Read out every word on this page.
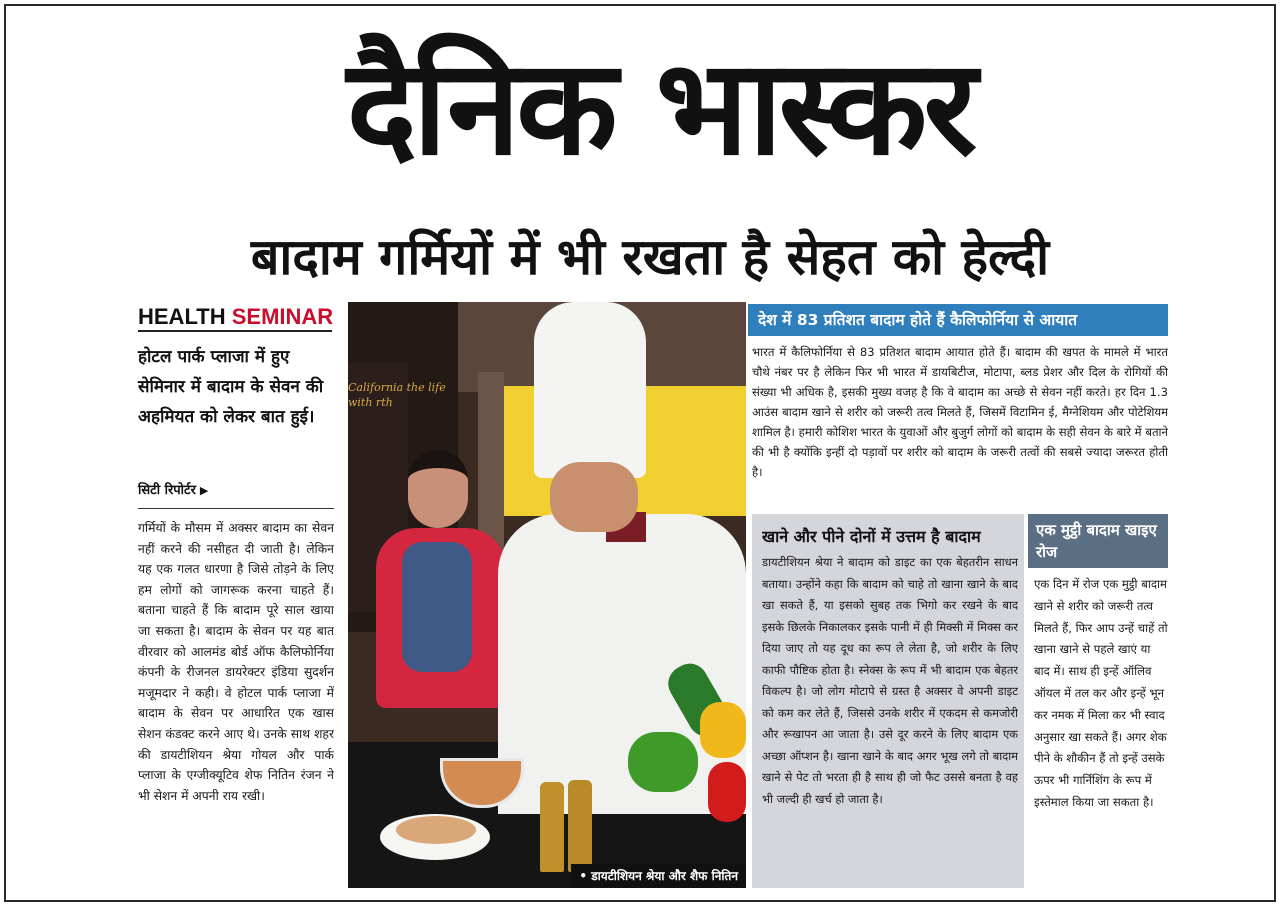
दैनिक भास्कर
बादाम गर्मियों में भी रखता है सेहत को हेल्दी
HEALTH SEMINAR
होटल पार्क प्लाजा में हुए सेमिनार में बादाम के सेवन की अहमियत को लेकर बात हुई।
सिटी रिपोर्टर ▶
गर्मियों के मौसम में अक्सर बादाम का सेवन नहीं करने की नसीहत दी जाती है। लेकिन यह एक गलत धारणा है जिसे तोड़ने के लिए हम लोगों को जागरूक करना चाहते हैं। बताना चाहते हैं कि बादाम पूरे साल खाया जा सकता है। बादाम के सेवन पर यह बात वीरवार को आलमंड बोर्ड ऑफ कैलिफोर्निया कंपनी के रीजनल डायरेक्टर इंडिया सुदर्शन मजूमदार ने कही। वे होटल पार्क प्लाजा में बादाम के सेवन पर आधारित एक खास सेशन कंडक्ट करने आए थे। उनके साथ शहर की डायटीशियन श्रेया गोयल और पार्क प्लाजा के एग्जीक्यूटिव शेफ नितिन रंजन ने भी सेशन में अपनी राय रखी।
California the life with rth
• डायटीशियन श्रेया और शैफ नितिन
देश में 83 प्रतिशत बादाम होते हैं कैलिफोर्निया से आयात
भारत में कैलिफोर्निया से 83 प्रतिशत बादाम आयात होते हैं। बादाम की खपत के मामले में भारत चौथे नंबर पर है लेकिन फिर भी भारत में डायबिटीज, मोटापा, ब्लड प्रेशर और दिल के रोगियों की संख्या भी अधिक है, इसकी मुख्य वजह है कि वे बादाम का अच्छे से सेवन नहीं करते। हर दिन 1.3 आउंस बादाम खाने से शरीर को जरूरी तत्व मिलते हैं, जिसमें विटामिन ई, मैग्नेशियम और पोटेशियम शामिल है। हमारी कोशिश भारत के युवाओं और बुजुर्ग लोगों को बादाम के सही सेवन के बारे में बताने की भी है क्योंकि इन्हीं दो पड़ावों पर शरीर को बादाम के जरूरी तत्वों की सबसे ज्यादा जरूरत होती है।
खाने और पीने दोनों में उत्तम है बादाम
डायटीशियन श्रेया ने बादाम को डाइट का एक बेहतरीन साधन बताया। उन्होंने कहा कि बादाम को चाहे तो खाना खाने के बाद खा सकते हैं, या इसको सुबह तक भिगो कर रखने के बाद इसके छिलके निकालकर इसके पानी में ही मिक्सी में मिक्स कर दिया जाए तो यह दूध का रूप ले लेता है, जो शरीर के लिए काफी पौष्टिक होता है। स्नेक्स के रूप में भी बादाम एक बेहतर विकल्प है। जो लोग मोटापे से ग्रस्त है अक्सर वे अपनी डाइट को कम कर लेते हैं, जिससे उनके शरीर में एकदम से कमजोरी और रूखापन आ जाता है। उसे दूर करने के लिए बादाम एक अच्छा ऑप्शन है। खाना खाने के बाद अगर भूख लगे तो बादाम खाने से पेट तो भरता ही है साथ ही जो फैट उससे बनता है वह भी जल्दी ही खर्च हो जाता है।
एक मुट्ठी बादाम खाइए रोज
एक दिन में रोज एक मुट्ठी बादाम खाने से शरीर को जरूरी तत्व मिलते हैं, फिर आप उन्हें चाहें तो खाना खाने से पहले खाएं या बाद में। साथ ही इन्हें ऑलिव ऑयल में तल कर और इन्हें भून कर नमक में मिला कर भी स्वाद अनुसार खा सकते हैं। अगर शेक पीने के शौकीन हैं तो इन्हें उसके ऊपर भी गार्निशिंग के रूप में इस्तेमाल किया जा सकता है।
